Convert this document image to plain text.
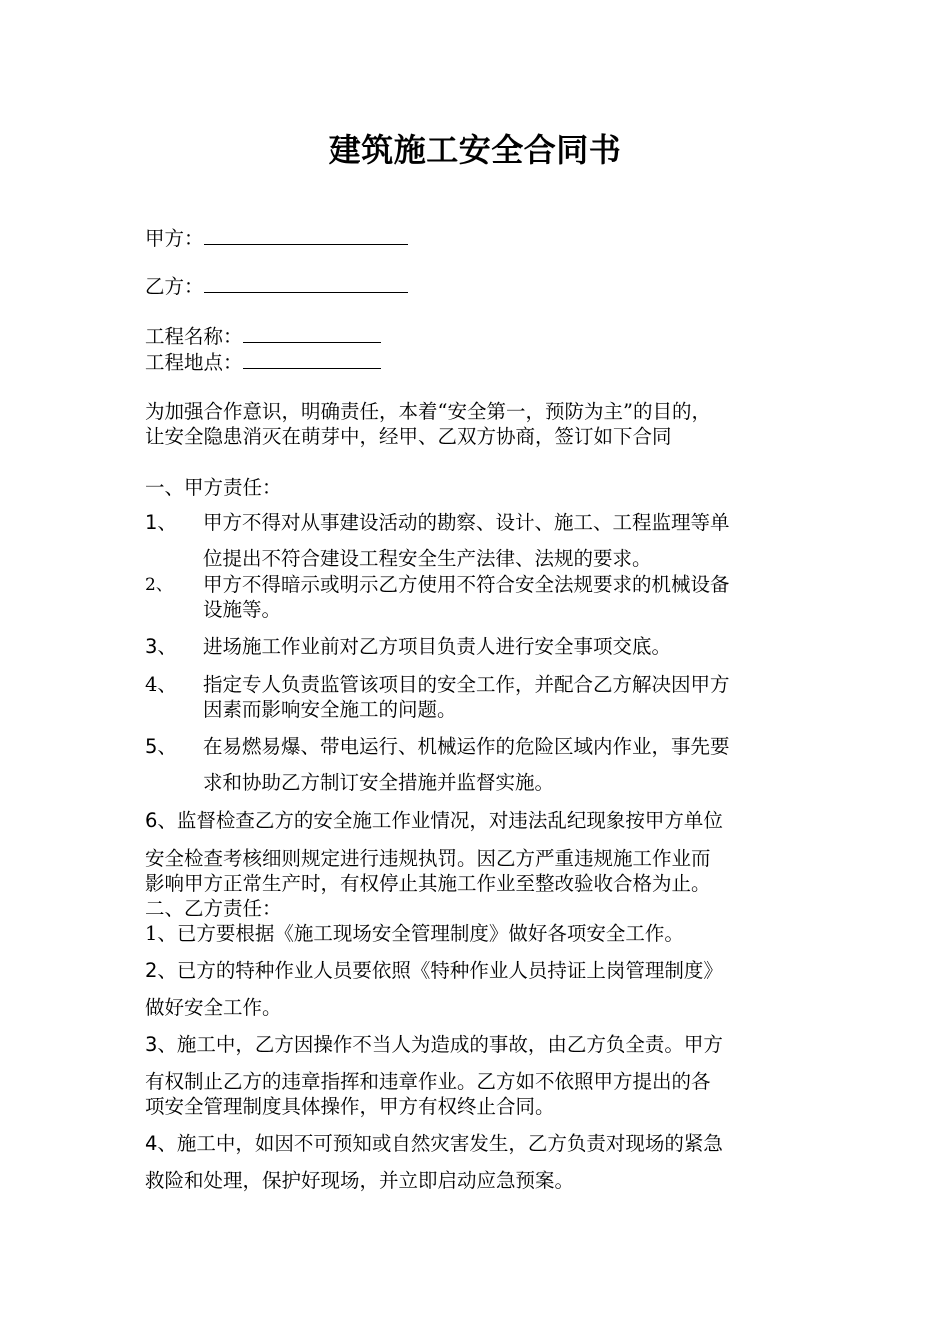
建筑施工安全合同书
甲方：
乙方：
工程名称：
工程地点：
为加强合作意识，明确责任，本着“安全第一，预防为主”的目的，
让安全隐患消灭在萌芽中，经甲、乙双方协商，签订如下合同
一、甲方责任：
1、 甲方不得对从事建设活动的勘察、设计、施工、工程监理等单
位提出不符合建设工程安全生产法律、法规的要求。
2、 甲方不得暗示或明示乙方使用不符合安全法规要求的机械设备
设施等。
3、 进场施工作业前对乙方项目负责人进行安全事项交底。
4、 指定专人负责监管该项目的安全工作，并配合乙方解决因甲方
因素而影响安全施工的问题。
5、 在易燃易爆、带电运行、机械运作的危险区域内作业，事先要
求和协助乙方制订安全措施并监督实施。
6、监督检查乙方的安全施工作业情况，对违法乱纪现象按甲方单位
安全检查考核细则规定进行违规执罚。因乙方严重违规施工作业而
影响甲方正常生产时，有权停止其施工作业至整改验收合格为止。
二、乙方责任：
1、已方要根据《施工现场安全管理制度》做好各项安全工作。
2、已方的特种作业人员要依照《特种作业人员持证上岗管理制度》
做好安全工作。
3、施工中，乙方因操作不当人为造成的事故，由乙方负全责。甲方
有权制止乙方的违章指挥和违章作业。乙方如不依照甲方提出的各
项安全管理制度具体操作，甲方有权终止合同。
4、施工中，如因不可预知或自然灾害发生，乙方负责对现场的紧急
救险和处理，保护好现场，并立即启动应急预案。
